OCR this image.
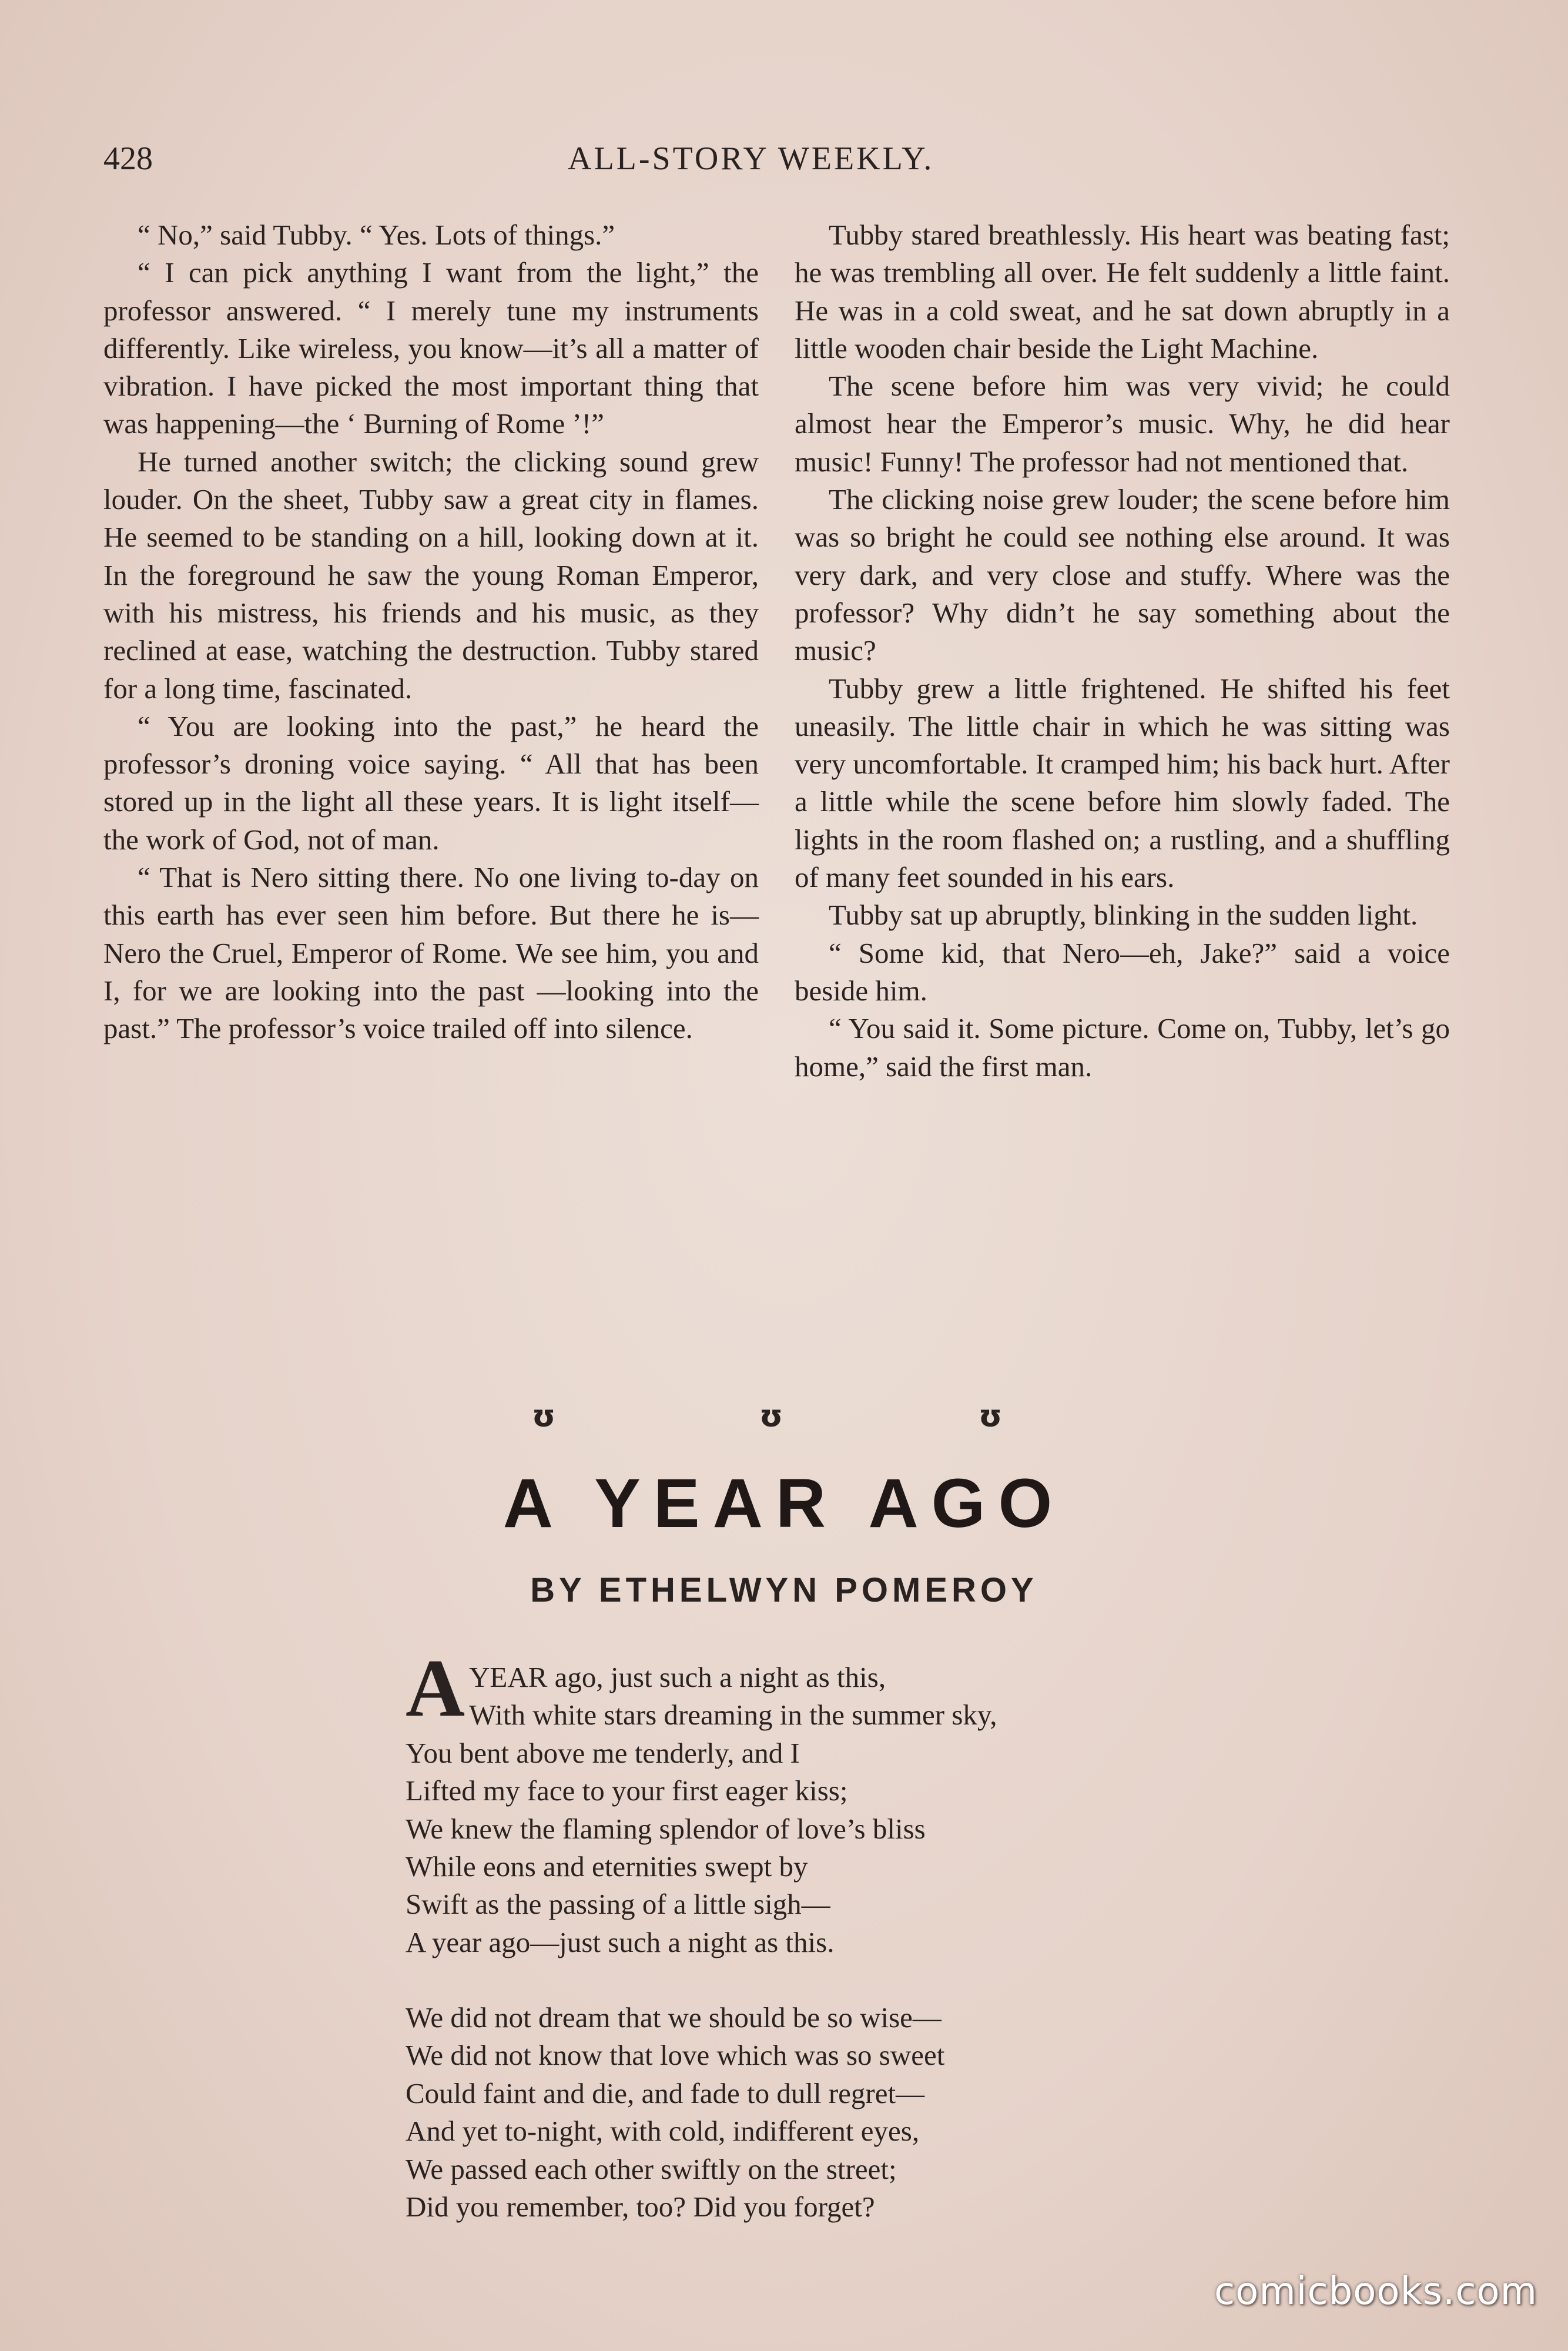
428	ALL-STORY WEEKLY.

“ No,” said Tubby. “ Yes. Lots of things.”

“ I can pick anything I want from the light,” the professor answered. “ I merely tune my instruments differently. Like wireless, you know—it’s all a matter of vibration. I have picked the most important thing that was happening—the ‘ Burning of Rome ’!”

He turned another switch; the clicking sound grew louder. On the sheet, Tubby saw a great city in flames. He seemed to be standing on a hill, looking down at it. In the foreground he saw the young Roman Emperor, with his mistress, his friends and his music, as they reclined at ease, watching the destruction. Tubby stared for a long time, fascinated.

“ You are looking into the past,” he heard the professor’s droning voice saying. “ All that has been stored up in the light all these years. It is light itself—the work of God, not of man.

“ That is Nero sitting there. No one living to-day on this earth has ever seen him before. But there he is—Nero the Cruel, Emperor of Rome. We see him, you and I, for we are looking into the past —looking into the past.” The professor’s voice trailed off into silence.

Tubby stared breathlessly. His heart was beating fast; he was trembling all over. He felt suddenly a little faint. He was in a cold sweat, and he sat down abruptly in a little wooden chair beside the Light Machine.

The scene before him was very vivid; he could almost hear the Emperor’s music. Why, he did hear music! Funny! The professor had not mentioned that.

The clicking noise grew louder; the scene before him was so bright he could see nothing else around. It was very dark, and very close and stuffy. Where was the professor? Why didn’t he say something about the music?

Tubby grew a little frightened. He shifted his feet uneasily. The little chair in which he was sitting was very uncomfortable. It cramped him; his back hurt. After a little while the scene before him slowly faded. The lights in the room flashed on; a rustling, and a shuffling of many feet sounded in his ears.

Tubby sat up abruptly, blinking in the sudden light.

“ Some kid, that Nero—eh, Jake?” said a voice beside him.

“ You said it. Some picture. Come on, Tubby, let’s go home,” said the first man.

ʊ	ʊ	ʊ
A YEAR AGO
BY ETHELWYN POMEROY
A YEAR ago, just such a night as this,
With white stars dreaming in the summer sky,
You bent above me tenderly, and I
Lifted my face to your first eager kiss;
We knew the flaming splendor of love’s bliss
While eons and eternities swept by
Swift as the passing of a little sigh—
A year ago—just such a night as this.
We did not dream that we should be so wise—
We did not know that love which was so sweet
Could faint and die, and fade to dull regret—
And yet to-night, with cold, indifferent eyes,
We passed each other swiftly on the street;
Did you remember, too? Did you forget?
comicbooks.com
